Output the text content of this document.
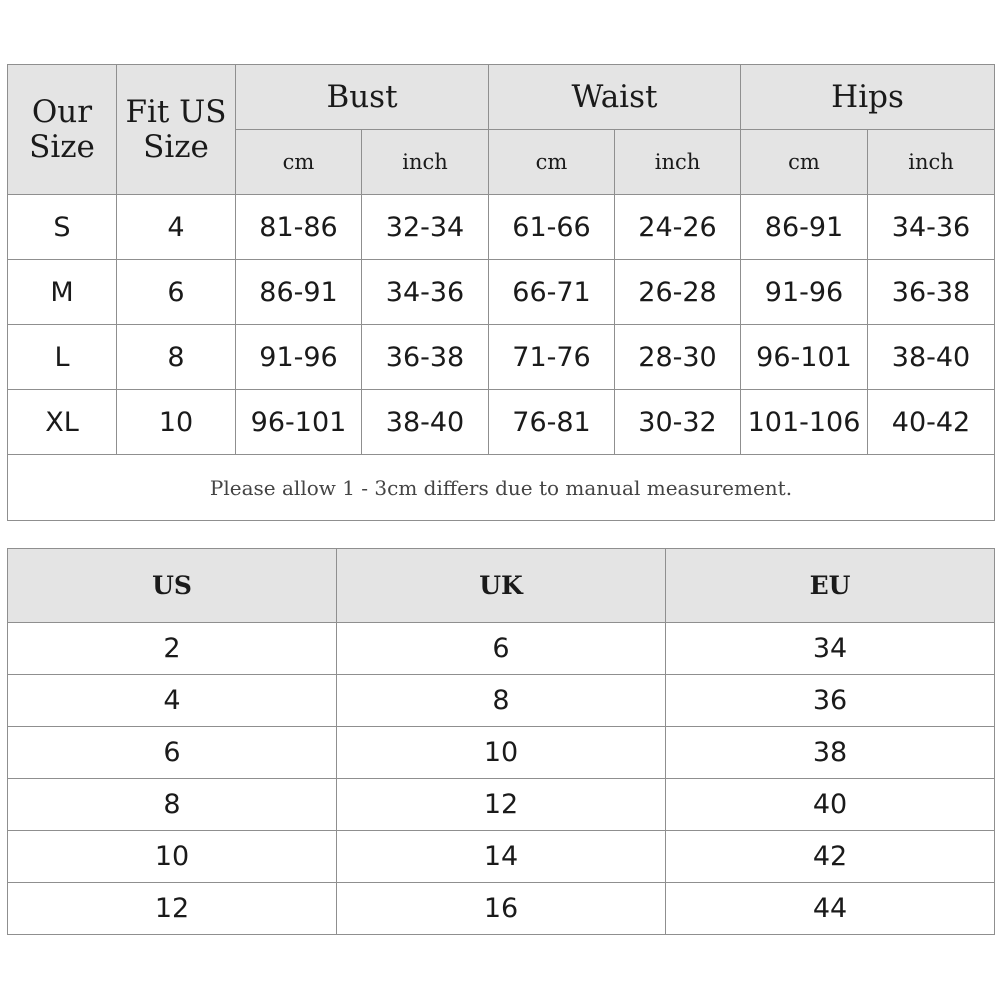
Our Size	Fit US Size	Bust		Waist		Hips	
		cm	inch	cm	inch	cm	inch
S	4	81-86	32-34	61-66	24-26	86-91	34-36
M	6	86-91	34-36	66-71	26-28	91-96	36-38
L	8	91-96	36-38	71-76	28-30	96-101	38-40
XL	10	96-101	38-40	76-81	30-32	101-106	40-42
Please allow 1 - 3cm differs due to manual measurement.							
US	UK	EU
2	6	34
4	8	36
6	10	38
8	12	40
10	14	42
12	16	44
